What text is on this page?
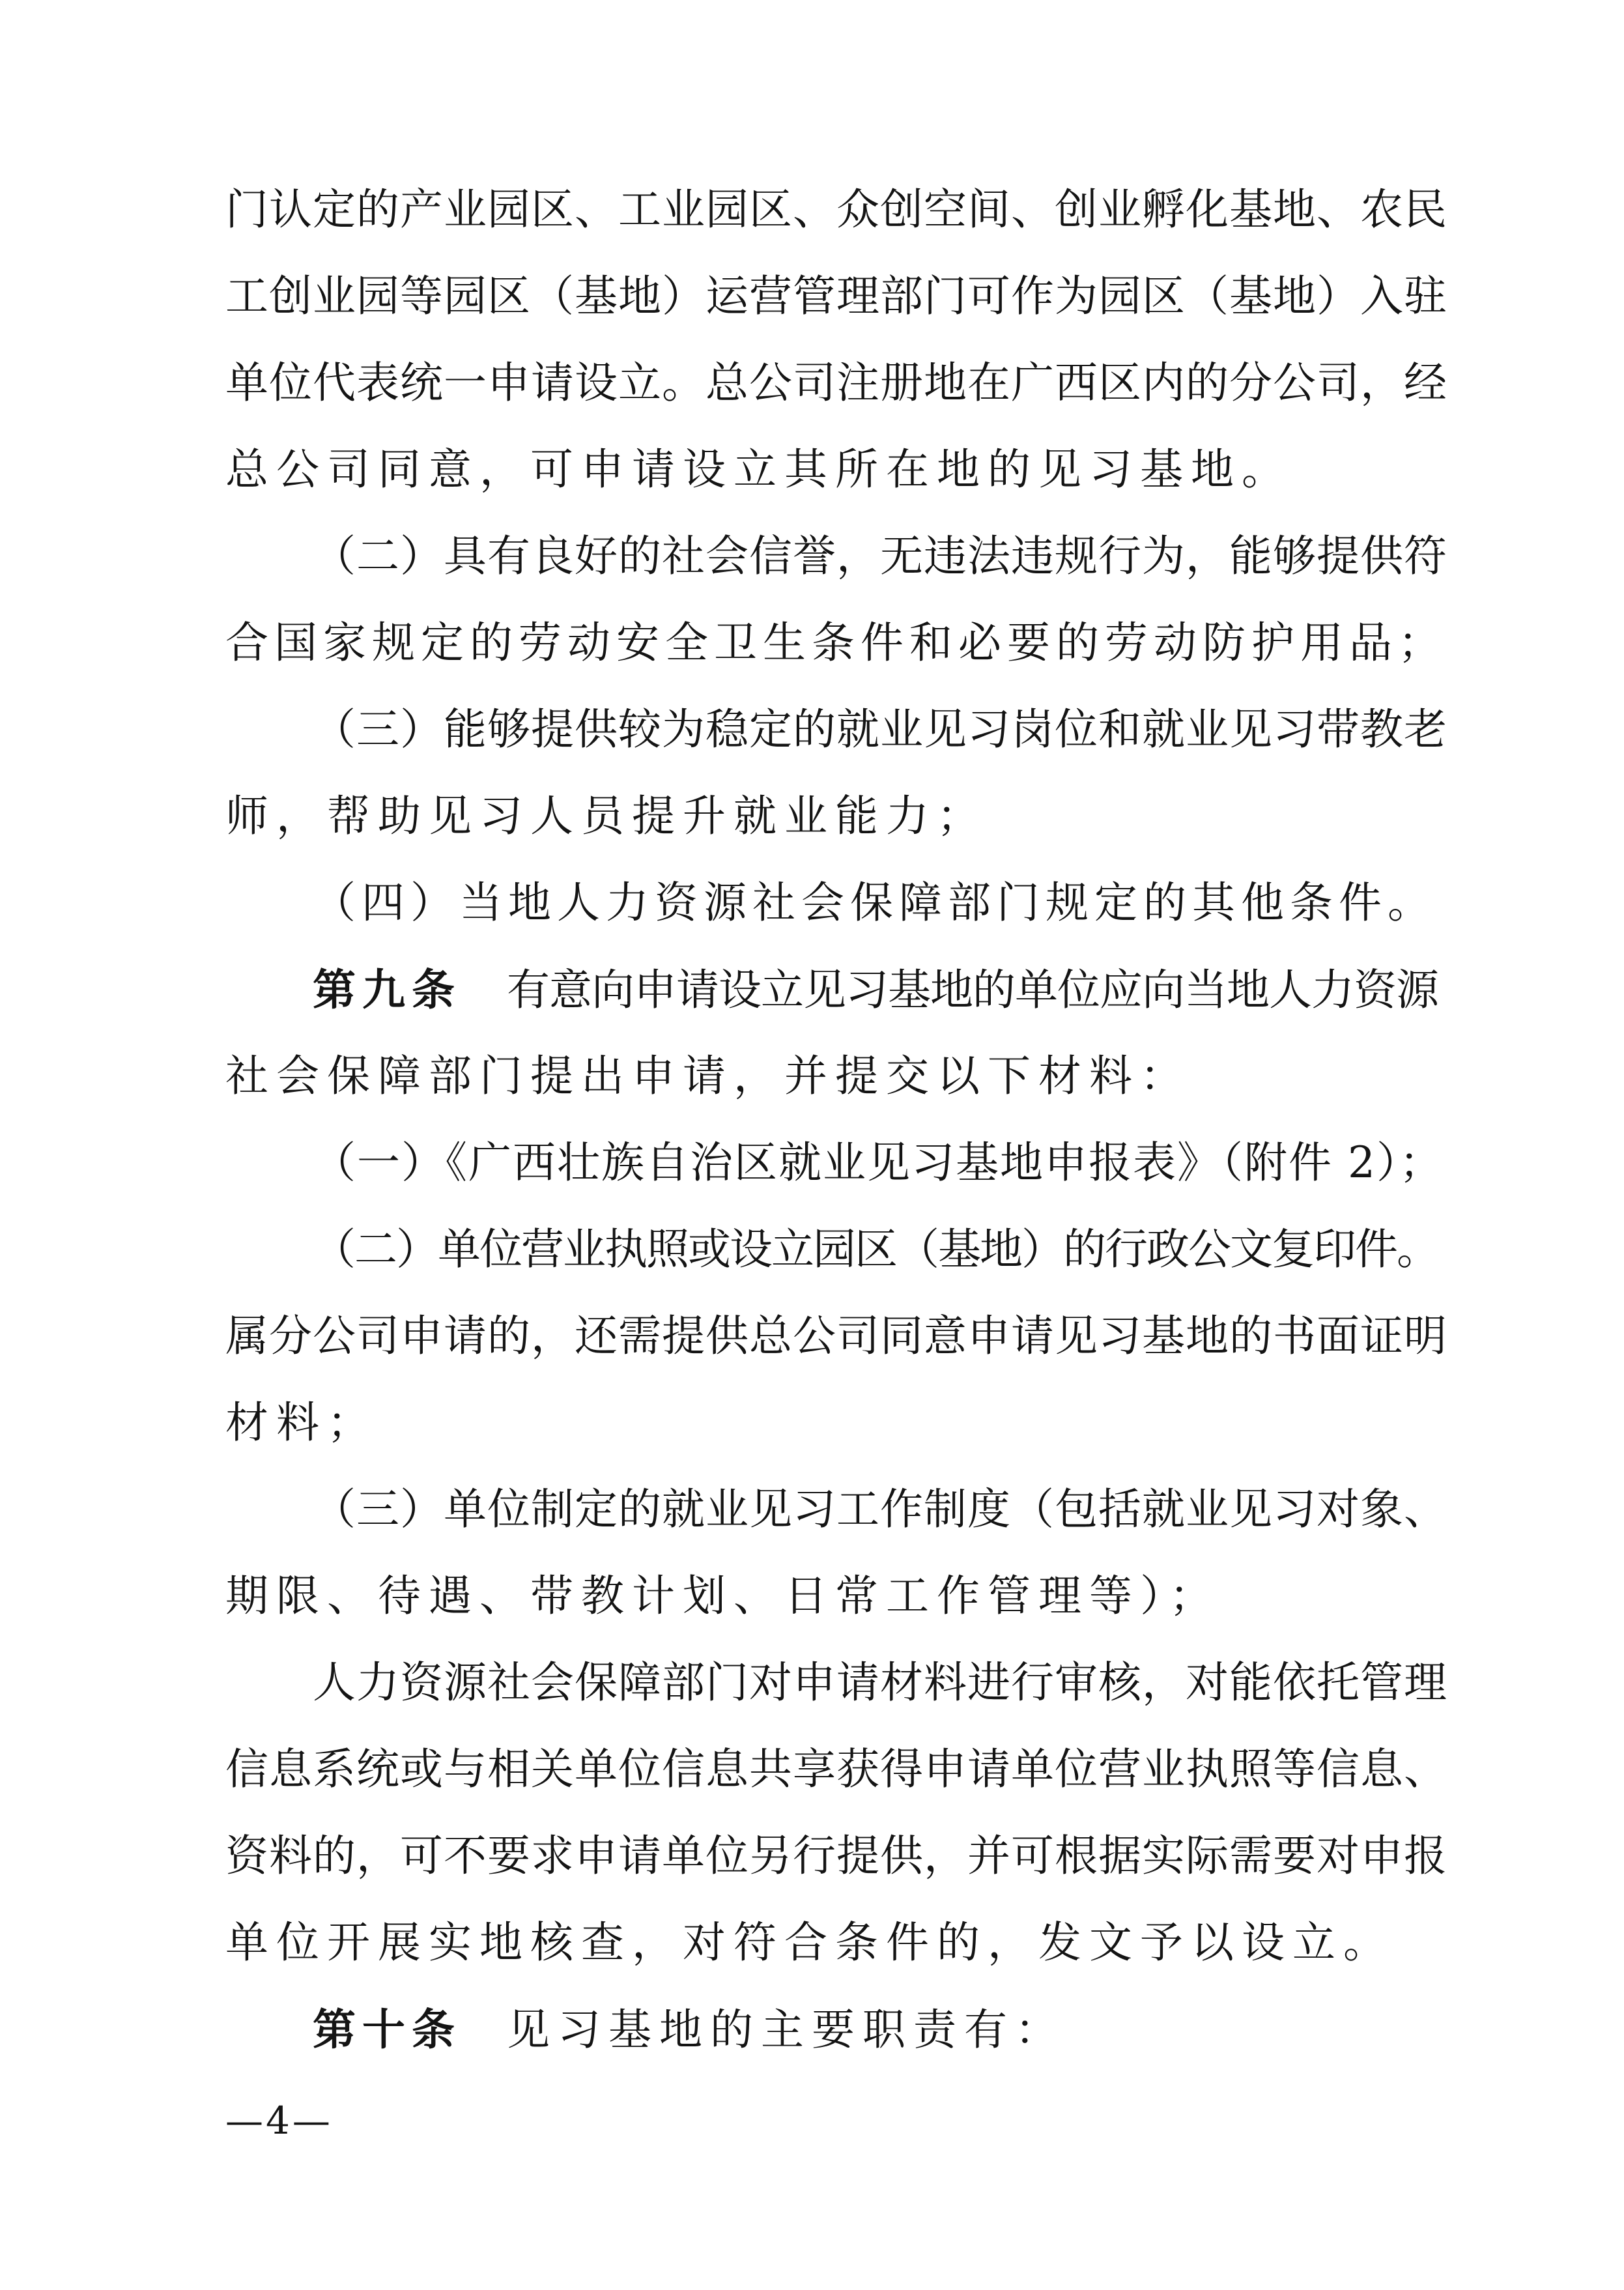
门认定的产业园区、工业园区、众创空间、创业孵化基地、农民
工创业园等园区（基地）运营管理部门可作为园区（基地）入驻
单位代表统一申请设立。总公司注册地在广西区内的分公司，经
总公司同意，可申请设立其所在地的见习基地。
（二）具有良好的社会信誉，无违法违规行为，能够提供符
合国家规定的劳动安全卫生条件和必要的劳动防护用品；
（三）能够提供较为稳定的就业见习岗位和就业见习带教老
师，帮助见习人员提升就业能力；
（四）当地人力资源社会保障部门规定的其他条件。
第九条 有意向申请设立见习基地的单位应向当地人力资源
社会保障部门提出申请，并提交以下材料：
（一）《广西壮族自治区就业见习基地申报表》（附件 2）；
（二）单位营业执照或设立园区（基地）的行政公文复印件。
属分公司申请的，还需提供总公司同意申请见习基地的书面证明
材料；
（三）单位制定的就业见习工作制度（包括就业见习对象、
期限、待遇、带教计划、日常工作管理等）；
人力资源社会保障部门对申请材料进行审核，对能依托管理
信息系统或与相关单位信息共享获得申请单位营业执照等信息、
资料的，可不要求申请单位另行提供，并可根据实际需要对申报
单位开展实地核查，对符合条件的，发文予以设立。
第十条 见习基地的主要职责有：
—4—
